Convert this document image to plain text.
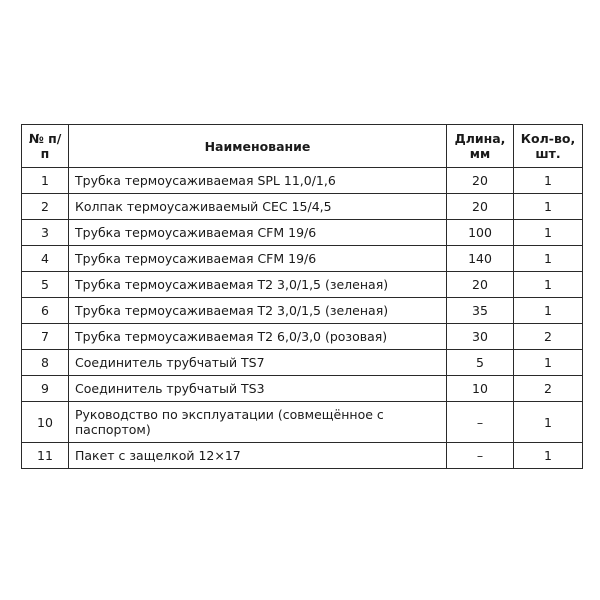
№ п/п	Наименование	Длина, мм	Кол-во, шт.
1	Трубка термоусаживаемая SPL 11,0/1,6	20	1
2	Колпак термоусаживаемый CEC 15/4,5	20	1
3	Трубка термоусаживаемая CFM 19/6	100	1
4	Трубка термоусаживаемая CFM 19/6	140	1
5	Трубка термоусаживаемая Т2 3,0/1,5 (зеленая)	20	1
6	Трубка термоусаживаемая Т2 3,0/1,5 (зеленая)	35	1
7	Трубка термоусаживаемая Т2 6,0/3,0 (розовая)	30	2
8	Соединитель трубчатый TS7	5	1
9	Соединитель трубчатый TS3	10	2
10	Руководство по эксплуатации (совмещённое с паспортом)	–	1
11	Пакет с защелкой 12×17	–	1
